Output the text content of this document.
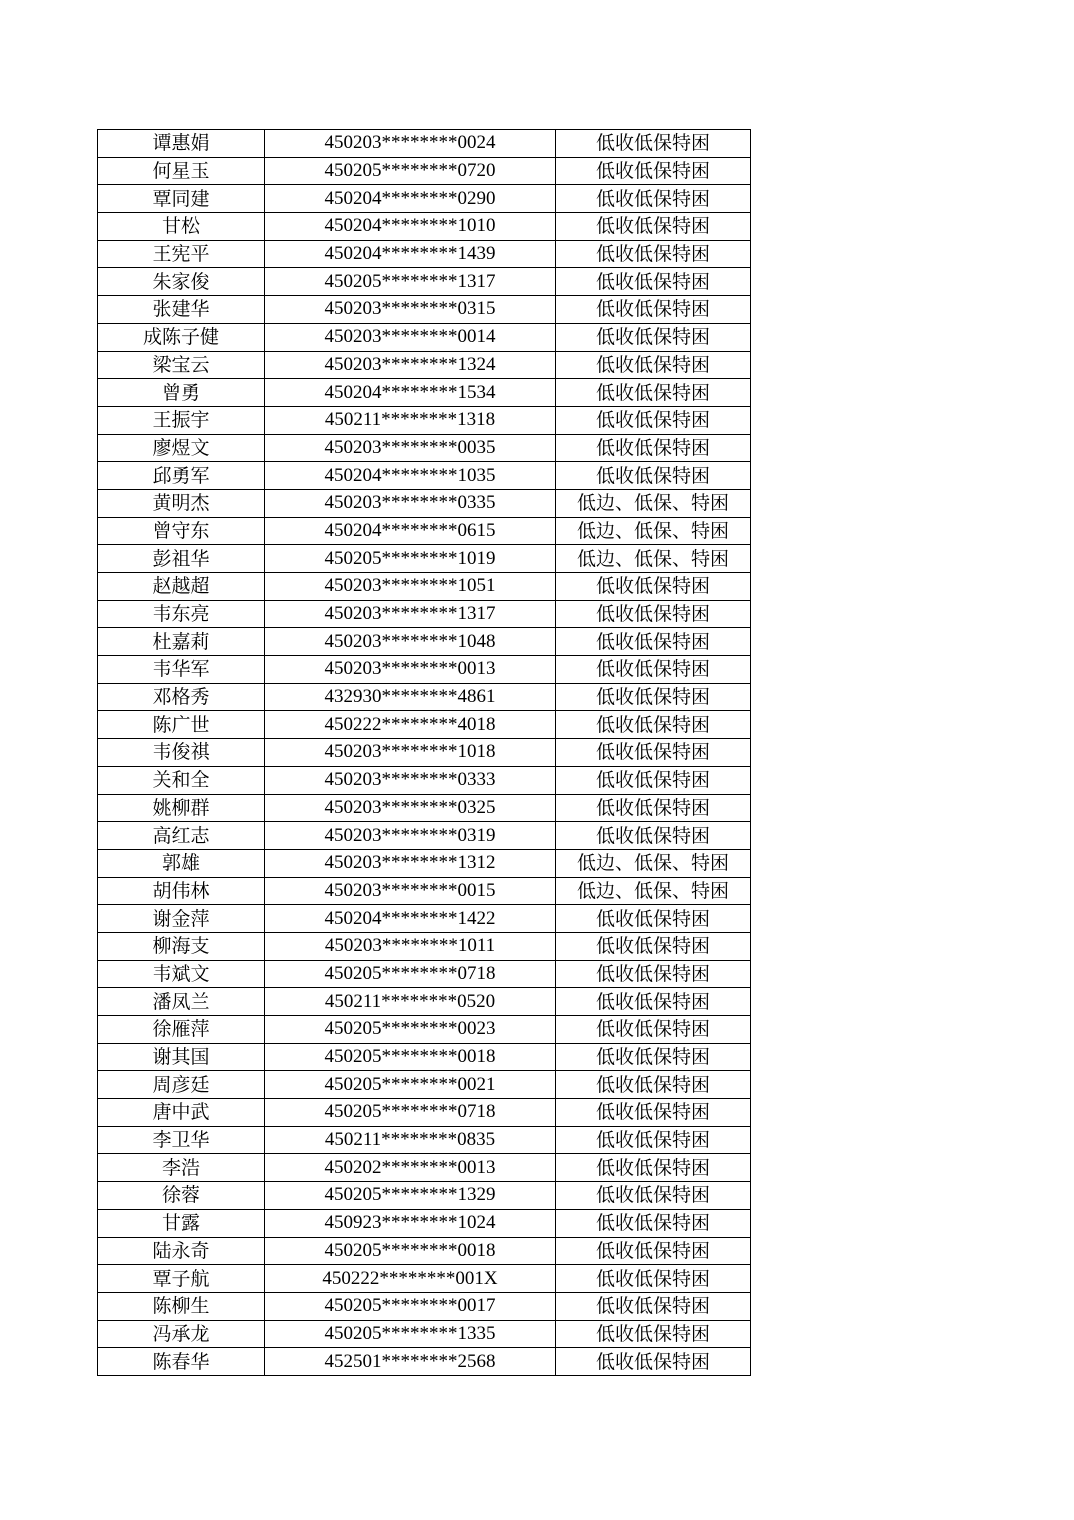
谭惠娟	450203********0024	低收低保特困
何星玉	450205********0720	低收低保特困
覃同建	450204********0290	低收低保特困
甘松	450204********1010	低收低保特困
王宪平	450204********1439	低收低保特困
朱家俊	450205********1317	低收低保特困
张建华	450203********0315	低收低保特困
成陈子健	450203********0014	低收低保特困
梁宝云	450203********1324	低收低保特困
曾勇	450204********1534	低收低保特困
王振宇	450211********1318	低收低保特困
廖煜文	450203********0035	低收低保特困
邱勇军	450204********1035	低收低保特困
黄明杰	450203********0335	低边、低保、特困
曾守东	450204********0615	低边、低保、特困
彭祖华	450205********1019	低边、低保、特困
赵越超	450203********1051	低收低保特困
韦东亮	450203********1317	低收低保特困
杜嘉莉	450203********1048	低收低保特困
韦华军	450203********0013	低收低保特困
邓格秀	432930********4861	低收低保特困
陈广世	450222********4018	低收低保特困
韦俊祺	450203********1018	低收低保特困
关和全	450203********0333	低收低保特困
姚柳群	450203********0325	低收低保特困
高红志	450203********0319	低收低保特困
郭雄	450203********1312	低边、低保、特困
胡伟林	450203********0015	低边、低保、特困
谢金萍	450204********1422	低收低保特困
柳海支	450203********1011	低收低保特困
韦斌文	450205********0718	低收低保特困
潘凤兰	450211********0520	低收低保特困
徐雁萍	450205********0023	低收低保特困
谢其国	450205********0018	低收低保特困
周彦廷	450205********0021	低收低保特困
唐中武	450205********0718	低收低保特困
李卫华	450211********0835	低收低保特困
李浩	450202********0013	低收低保特困
徐蓉	450205********1329	低收低保特困
甘露	450923********1024	低收低保特困
陆永奇	450205********0018	低收低保特困
覃子航	450222********001X	低收低保特困
陈柳生	450205********0017	低收低保特困
冯承龙	450205********1335	低收低保特困
陈春华	452501********2568	低收低保特困
